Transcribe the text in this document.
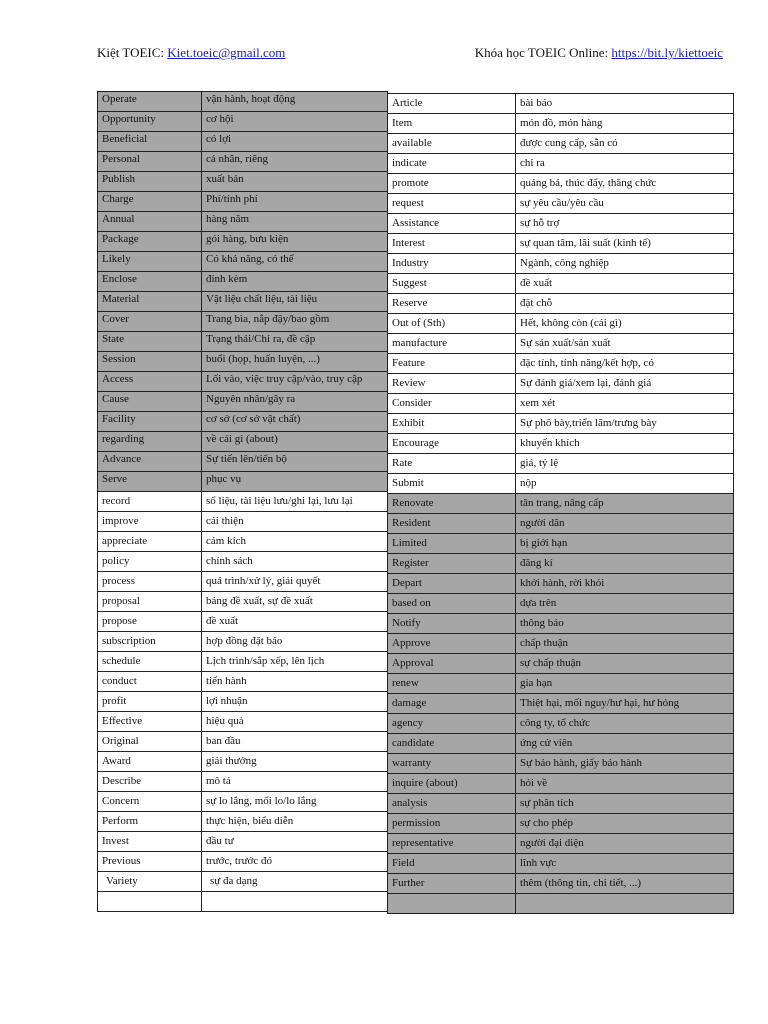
Kiệt TOEIC: Kiet.toeic@gmail.com	Khóa học TOEIC Online: https://bit.ly/kiettoeic
Operate	vận hành, hoạt động
Opportunity	cơ hội
Beneficial	có lợi
Personal	cá nhân, riêng
Publish	xuất bản
Charge	Phí/tính phí
Annual	hàng năm
Package	gói hàng, bưu kiện
Likely	Có khả năng, có thể
Enclose	đính kèm
Material	Vật liệu chất liệu, tài liệu
Cover	Trang bìa, nắp đậy/bao gồm
State	Trạng thái/Chỉ ra, đề cập
Session	buổi (họp, huấn luyện, ...)
Access	Lối vào, việc truy cập/vào, truy cập
Cause	Nguyên nhân/gây ra
Facility	cơ sở (cơ sở vật chất)
regarding	về cái gì (about)
Advance	Sự tiến lên/tiến bộ
Serve	phục vụ
record	số liệu, tài liệu lưu/ghi lại, lưu lại
improve	cải thiện
appreciate	cảm kích
policy	chính sách
process	quá trình/xử lý, giải quyết
proposal	bảng đề xuất, sự đề xuất
propose	đề xuất
subscription	hợp đồng đặt báo
schedule	Lịch trình/sắp xếp, lên lịch
conduct	tiến hành
profit	lợi nhuận
Effective	hiệu quả
Original	ban đầu
Award	giải thưởng
Describe	mô tả
Concern	sự lo lắng, mối lo/lo lắng
Perform	thực hiện, biểu diễn
Invest	đầu tư
Previous	trước, trước đó
Variety	sự đa dạng

Article	bài báo
Item	món đồ, món hàng
available	được cung cấp, sẵn có
indicate	chỉ ra
promote	quảng bá, thúc đẩy, thăng chức
request	sự yêu cầu/yêu cầu
Assistance	sự hỗ trợ
Interest	sự quan tâm, lãi suất (kinh tế)
Industry	Ngành, công nghiệp
Suggest	đề xuất
Reserve	đặt chỗ
Out of (Sth)	Hết, không còn (cái gì)
manufacture	Sự sản xuất/sản xuất
Feature	đặc tính, tính năng/kết hợp, có
Review	Sự đánh giá/xem lại, đánh giá
Consider	xem xét
Exhibit	Sự phô bày,triển lãm/trưng bày
Encourage	khuyến khích
Rate	giá, tỷ lệ
Submit	nộp
Renovate	tân trang, nâng cấp
Resident	người dân
Limited	bị giới hạn
Register	đăng kí
Depart	khởi hành, rời khỏi
based on	dựa trên
Notify	thông báo
Approve	chấp thuận
Approval	sự chấp thuận
renew	gia hạn
damage	Thiệt hại, mối nguy/hư hại, hư hỏng
agency	công ty, tổ chức
candidate	ứng cử viên
warranty	Sự bảo hành, giấy bảo hành
inquire (about)	hỏi về
analysis	sự phân tích
permission	sự cho phép
representative	người đại diện
Field	lĩnh vực
Further	thêm (thông tin, chi tiết, ...)
